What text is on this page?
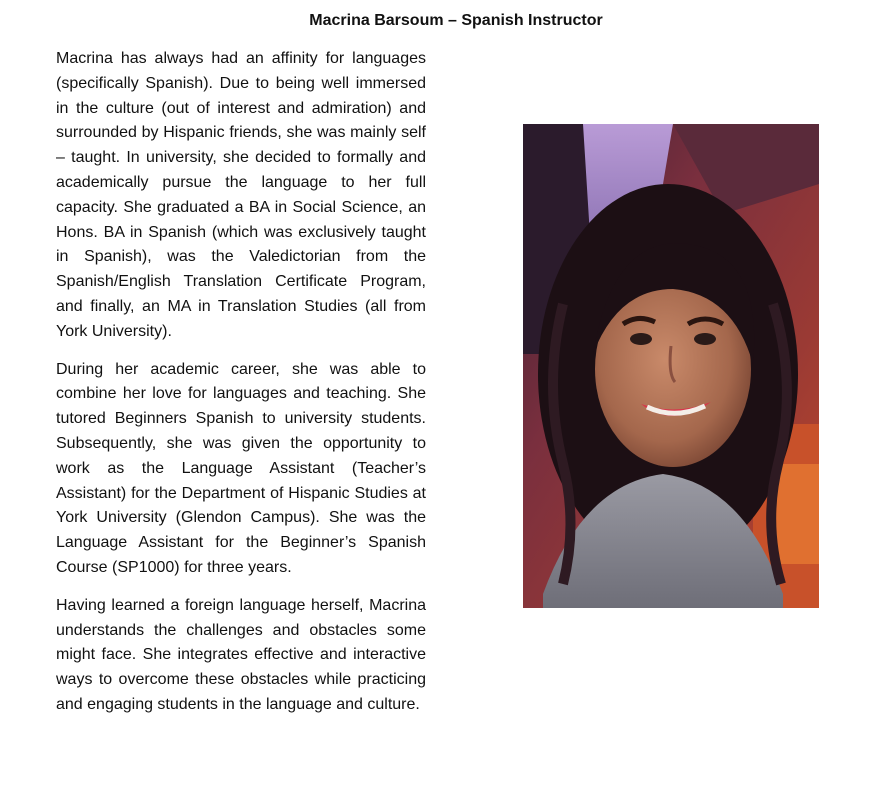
Macrina Barsoum – Spanish Instructor

Macrina has always had an affinity for languages (specifically Spanish). Due to being well immersed in the culture (out of interest and admiration) and surrounded by Hispanic friends, she was mainly self – taught. In university, she decided to formally and academically pursue the language to her full capacity. She graduated a BA in Social Science, an Hons. BA in Spanish (which was exclusively taught in Spanish), was the Valedictorian from the Spanish/English Translation Certificate Program, and finally, an MA in Translation Studies (all from York University).

During her academic career, she was able to combine her love for languages and teaching. She tutored Beginners Spanish to university students. Subsequently, she was given the opportunity to work as the Language Assistant (Teacher’s Assistant) for the Department of Hispanic Studies at York University (Glendon Campus). She was the Language Assistant for the Beginner’s Spanish Course (SP1000) for three years.

Having learned a foreign language herself, Macrina understands the challenges and obstacles some might face. She integrates effective and interactive ways to overcome these obstacles while practicing and engaging students in the language and culture.
